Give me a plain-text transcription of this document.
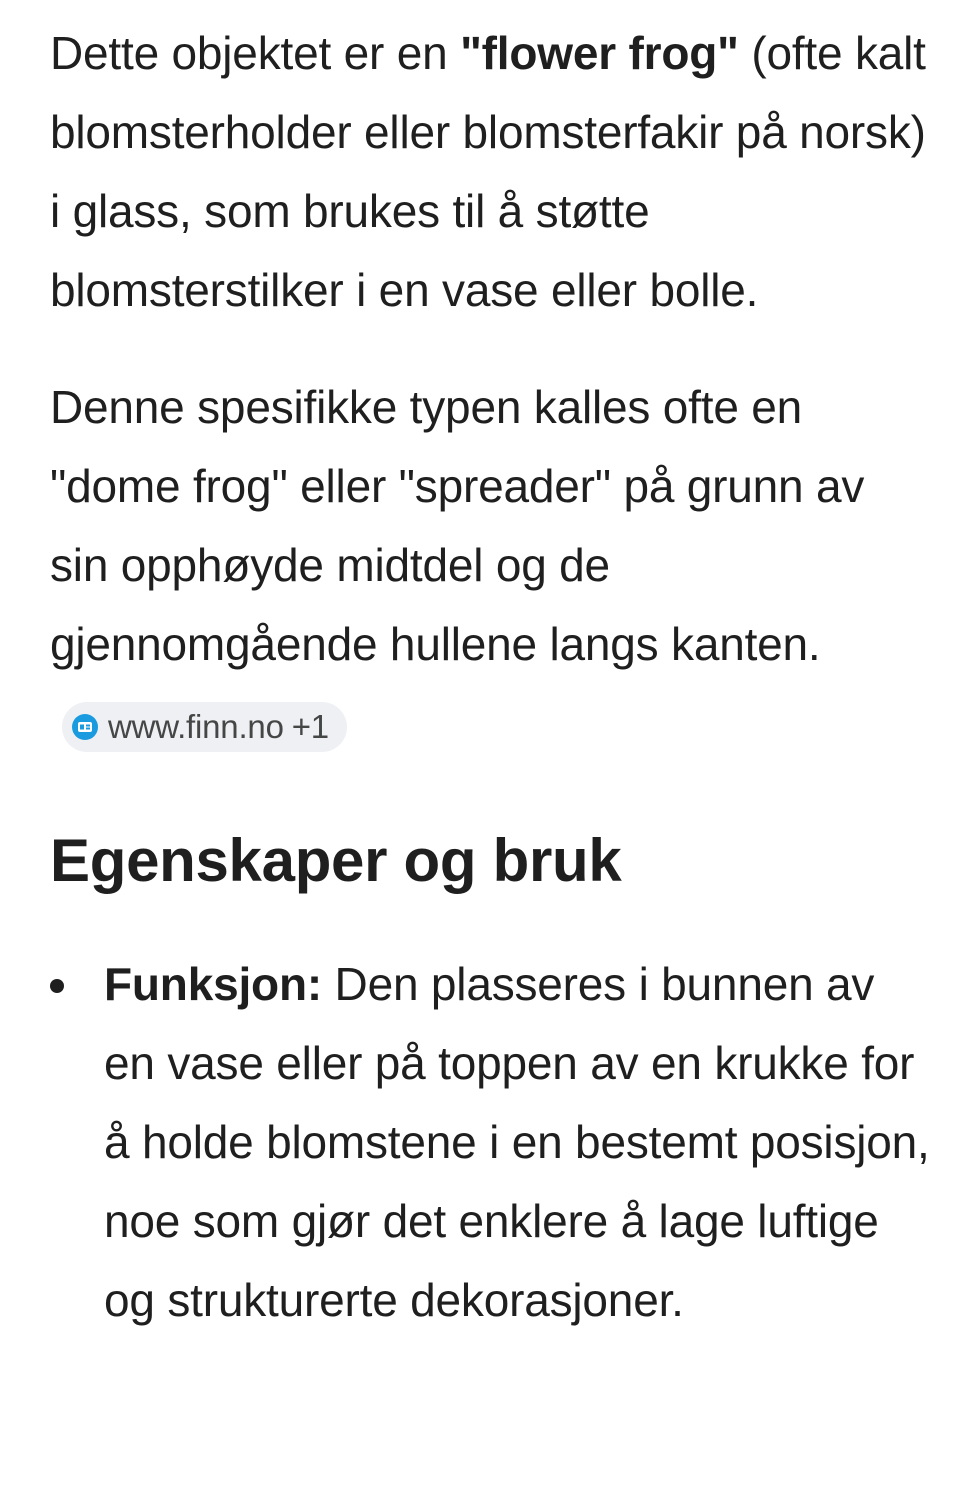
Dette objektet er en "flower frog" (ofte kalt blomsterholder eller blomsterfakir på norsk) i glass, som brukes til å støtte blomsterstilker i en vase eller bolle.

Denne spesifikke typen kalles ofte en "dome frog" eller "spreader" på grunn av sin opphøyde midtdel og de gjennomgående hullene langs kanten.
www.finn.no +1

Egenskaper og bruk
Funksjon: Den plasseres i bunnen av en vase eller på toppen av en krukke for å holde blomstene i en bestemt posisjon, noe som gjør det enklere å lage luftige og strukturerte dekorasjoner.
